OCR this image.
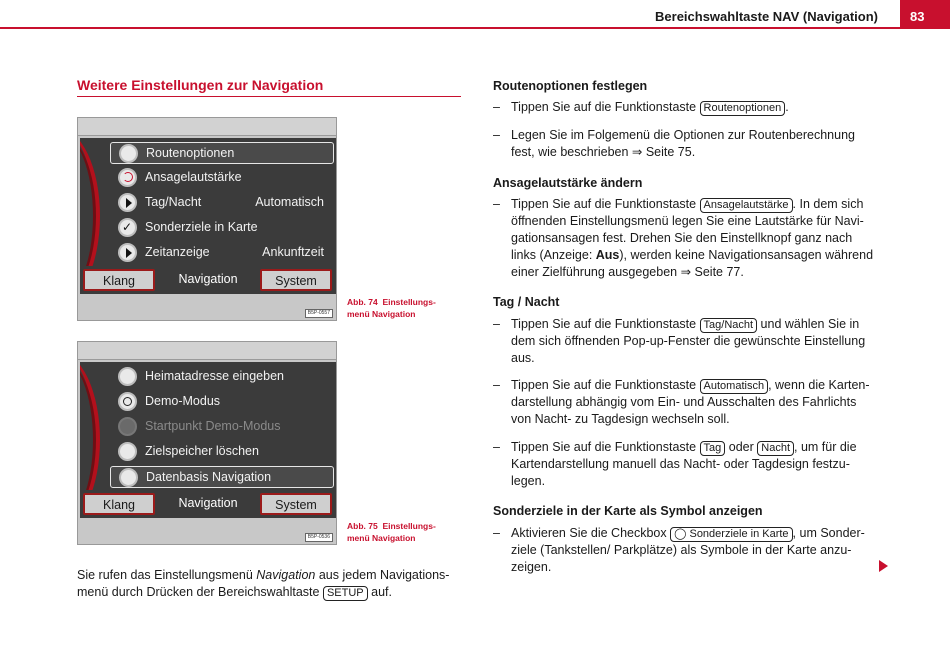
Bereichswahltaste NAV (Navigation)	83
Weitere Einstellungen zur Navigation
Routenoptionen
Ansagelautstärke
Tag/Nacht	Automatisch
✓ Sonderziele in Karte
Zeitanzeige	Ankunftzeit
Klang	Navigation	System
B5P-0557
Abb. 74 Einstellungs-
menü Navigation
Heimatadresse eingeben
Demo-Modus
Startpunkt Demo-Modus
Zielspeicher löschen
Datenbasis Navigation
Klang	Navigation	System
B5P-0536
Abb. 75 Einstellungs-
menü Navigation
Sie rufen das Einstellungsmenü Navigation aus jedem Navigations-
menü durch Drücken der Bereichswahltaste SETUP auf.
Routenoptionen festlegen
– Tippen Sie auf die Funktionstaste Routenoptionen .
– Legen Sie im Folgemenü die Optionen zur Routenberechnung
fest, wie beschrieben ⇒ Seite 75.
Ansagelautstärke ändern
– Tippen Sie auf die Funktionstaste Ansagelautstärke . In dem sich
öffnenden Einstellungsmenü legen Sie eine Lautstärke für Navi-
gationsansagen fest. Drehen Sie den Einstellknopf ganz nach
links (Anzeige: Aus), werden keine Navigationsansagen während
einer Zielführung ausgegeben ⇒ Seite 77.
Tag / Nacht
– Tippen Sie auf die Funktionstaste Tag/Nacht und wählen Sie in
dem sich öffnenden Pop-up-Fenster die gewünschte Einstellung
aus.
– Tippen Sie auf die Funktionstaste Automatisch , wenn die Karten-
darstellung abhängig vom Ein- und Ausschalten des Fahrlichts
von Nacht- zu Tagdesign wechseln soll.
– Tippen Sie auf die Funktionstaste Tag oder Nacht , um für die
Kartendarstellung manuell das Nacht- oder Tagdesign festzu-
legen.
Sonderziele in der Karte als Symbol anzeigen
– Aktivieren Sie die Checkbox ◯ Sonderziele in Karte , um Sonder-
ziele (Tankstellen/ Parkplätze) als Symbole in der Karte anzu-
zeigen.
